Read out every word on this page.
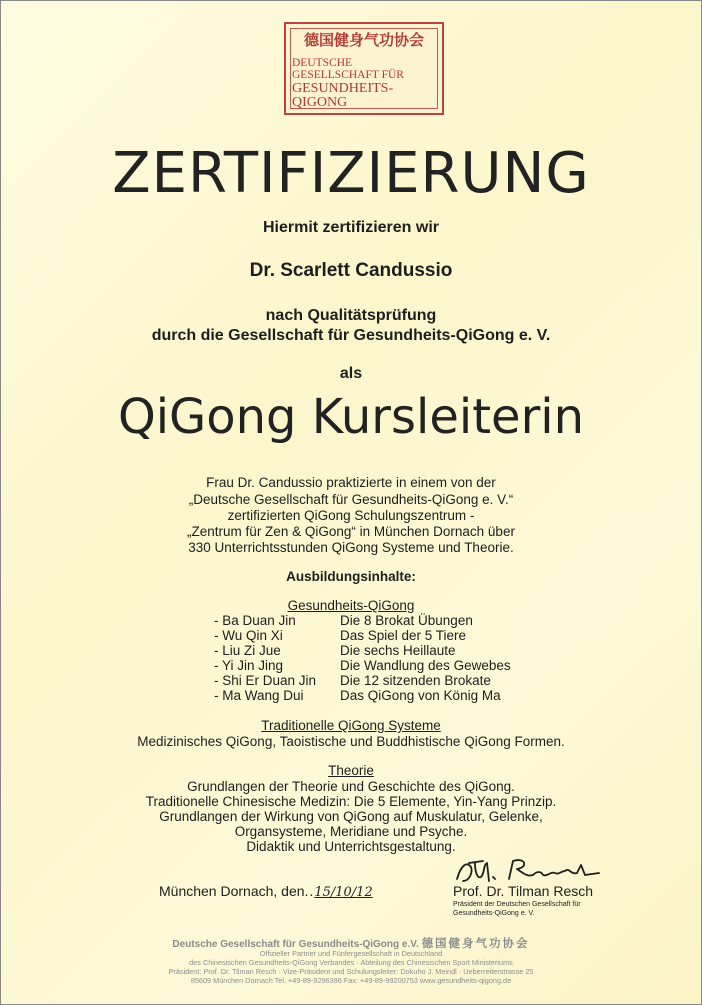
德国健身气功协会
DEUTSCHE
GESELLSCHAFT FÜR
GESUNDHEITS-
QIGONG
ZERTIFIZIERUNG
Hiermit zertifizieren wir
Dr. Scarlett Candussio
nach Qualitätsprüfung
durch die Gesellschaft für Gesundheits-QiGong e. V.
als
QiGong Kursleiterin
Frau Dr. Candussio praktizierte in einem von der
„Deutsche Gesellschaft für Gesundheits-QiGong e. V.“
zertifizierten QiGong Schulungszentrum -
„Zentrum für Zen & QiGong“ in München Dornach über
330 Unterrichtsstunden QiGong Systeme und Theorie.
Ausbildungsinhalte:
Gesundheits-QiGong
- Ba Duan Jin	Die 8 Brokat Übungen
- Wu Qin Xi	Das Spiel der 5 Tiere
- Liu Zi Jue	Die sechs Heillaute
- Yi Jin Jing	Die Wandlung des Gewebes
- Shi Er Duan Jin Die 12 sitzenden Brokate
- Ma Wang Dui	Das QiGong von König Ma
Traditionelle QiGong Systeme
Medizinisches QiGong, Taoistische und Buddhistische QiGong Formen.
Theorie
Grundlangen der Theorie und Geschichte des QiGong.
Traditionelle Chinesische Medizin: Die 5 Elemente, Yin-Yang Prinzip.
Grundlangen der Wirkung von QiGong auf Muskulatur, Gelenke,
Organsysteme, Meridiane und Psyche.
Didaktik und Unterrichtsgestaltung.
München Dornach, den..15/10/12	Prof. Dr. Tilman Resch
Präsident der Deutschen Gesellschaft für
Gesundheits-QiGong e. V.
Deutsche Gesellschaft für Gesundheits-QiGong e.V. 德国健身气功协会
Offizieller Partner und Fünfergesellschaft in Deutschland
des Chinesischen Gesundheits-QiGong Verbandes · Abteilung des Chinesischen Sport Ministeriums
Präsident: Prof. Dr. Tilman Resch · Vize-Präsident und Schulungsleiter: Dokuho J. Meindl · Ueberreiterstrasse 25
85609 München Dornach Tel. +49-89-9296396 Fax: +49-89-99200753 www.gesundheits-qigong.de
